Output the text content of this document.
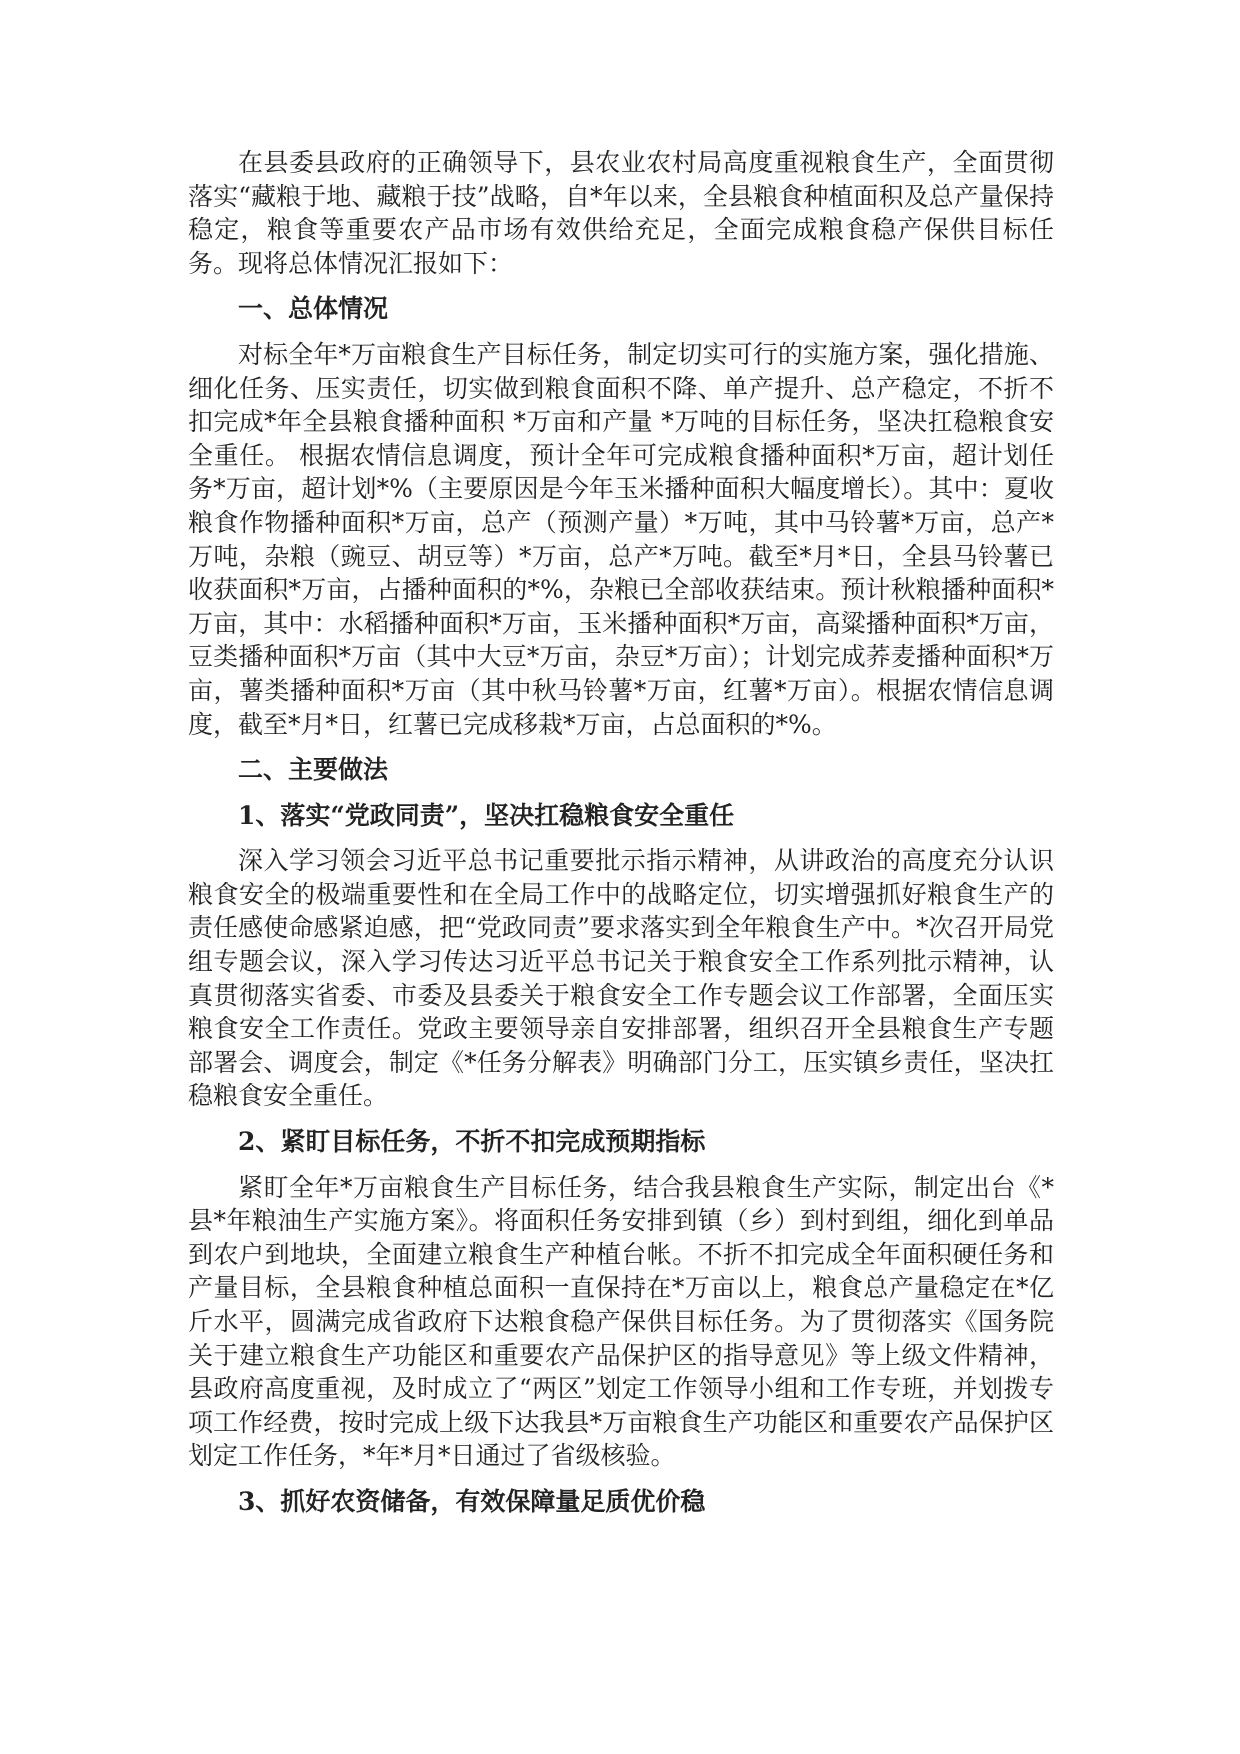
在县委县政府的正确领导下，县农业农村局高度重视粮食生产，全面贯彻落实“藏粮于地、藏粮于技”战略，自*年以来，全县粮食种植面积及总产量保持稳定，粮食等重要农产品市场有效供给充足，全面完成粮食稳产保供目标任务。现将总体情况汇报如下：

一、总体情况

对标全年*万亩粮食生产目标任务，制定切实可行的实施方案，强化措施、细化任务、压实责任，切实做到粮食面积不降、单产提升、总产稳定，不折不扣完成*年全县粮食播种面积 *万亩和产量 *万吨的目标任务，坚决扛稳粮食安全重任。 根据农情信息调度，预计全年可完成粮食播种面积*万亩，超计划任务*万亩，超计划*%（主要原因是今年玉米播种面积大幅度增长）。其中：夏收粮食作物播种面积*万亩，总产（预测产量）*万吨，其中马铃薯*万亩，总产*万吨，杂粮（豌豆、胡豆等）*万亩，总产*万吨。截至*月*日，全县马铃薯已收获面积*万亩，占播种面积的*%，杂粮已全部收获结束。预计秋粮播种面积*万亩，其中：水稻播种面积*万亩，玉米播种面积*万亩，高粱播种面积*万亩，豆类播种面积*万亩（其中大豆*万亩，杂豆*万亩）；计划完成荞麦播种面积*万亩，薯类播种面积*万亩（其中秋马铃薯*万亩，红薯*万亩）。根据农情信息调度，截至*月*日，红薯已完成移栽*万亩，占总面积的*%。

二、主要做法
1、落实“党政同责”，坚决扛稳粮食安全重任

深入学习领会习近平总书记重要批示指示精神，从讲政治的高度充分认识粮食安全的极端重要性和在全局工作中的战略定位，切实增强抓好粮食生产的责任感使命感紧迫感，把“党政同责”要求落实到全年粮食生产中。*次召开局党组专题会议，深入学习传达习近平总书记关于粮食安全工作系列批示精神，认真贯彻落实省委、市委及县委关于粮食安全工作专题会议工作部署，全面压实粮食安全工作责任。党政主要领导亲自安排部署，组织召开全县粮食生产专题部署会、调度会，制定《*任务分解表》明确部门分工，压实镇乡责任，坚决扛稳粮食安全重任。

2、紧盯目标任务，不折不扣完成预期指标

紧盯全年*万亩粮食生产目标任务，结合我县粮食生产实际，制定出台《*县*年粮油生产实施方案》。将面积任务安排到镇（乡）到村到组，细化到单品到农户到地块，全面建立粮食生产种植台帐。不折不扣完成全年面积硬任务和产量目标，全县粮食种植总面积一直保持在*万亩以上，粮食总产量稳定在*亿斤水平，圆满完成省政府下达粮食稳产保供目标任务。为了贯彻落实《国务院关于建立粮食生产功能区和重要农产品保护区的指导意见》等上级文件精神，县政府高度重视，及时成立了“两区”划定工作领导小组和工作专班，并划拨专项工作经费，按时完成上级下达我县*万亩粮食生产功能区和重要农产品保护区划定工作任务，*年*月*日通过了省级核验。

3、抓好农资储备，有效保障量足质优价稳
